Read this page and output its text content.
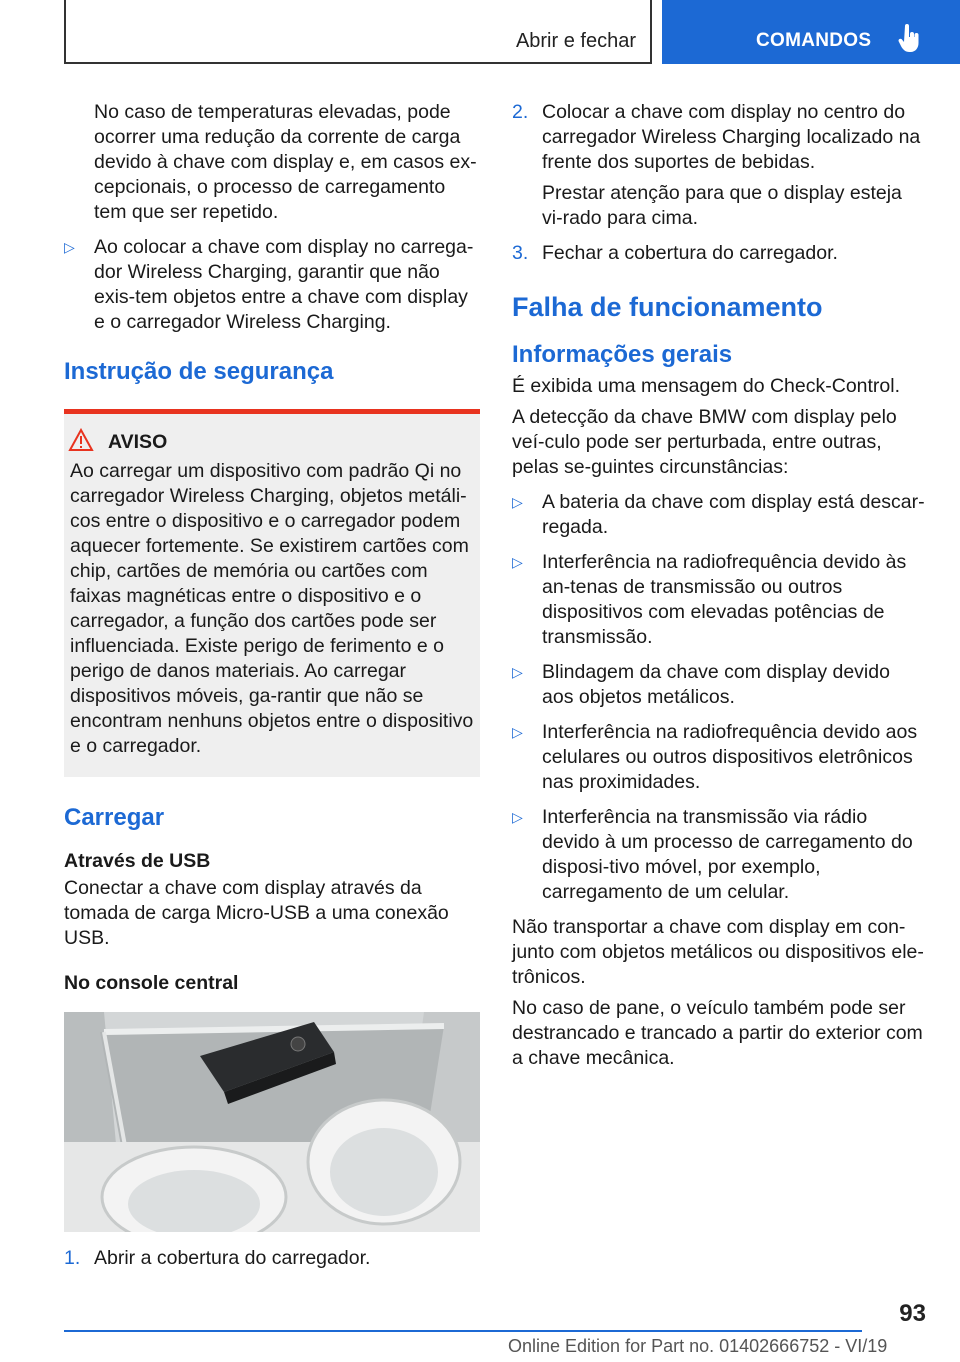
Abrir e fechar	COMANDOS

No caso de temperaturas elevadas, pode ocorrer uma redução da corrente de carga devido à chave com display e, em casos ex-cepcionais, o processo de carregamento tem que ser repetido.

▷ Ao colocar a chave com display no carrega-dor Wireless Charging, garantir que não exis-tem objetos entre a chave com display e o carregador Wireless Charging.
Instrução de segurança
AVISO

Ao carregar um dispositivo com padrão Qi no carregador Wireless Charging, objetos metáli-cos entre o dispositivo e o carregador podem aquecer fortemente. Se existirem cartões com chip, cartões de memória ou cartões com faixas magnéticas entre o dispositivo e o carregador, a função dos cartões pode ser influenciada. Existe perigo de ferimento e o perigo de danos materiais. Ao carregar dispositivos móveis, ga-rantir que não se encontram nenhuns objetos entre o dispositivo e o carregador.

Carregar
Através de USB

Conectar a chave com display através da tomada de carga Micro-USB a uma conexão USB.

No console central
1. Abrir a cobertura do carregador.
2. Colocar a chave com display no centro do carregador Wireless Charging localizado na frente dos suportes de bebidas.

Prestar atenção para que o display esteja vi-rado para cima.

3. Fechar a cobertura do carregador.
Falha de funcionamento
Informações gerais

É exibida uma mensagem do Check-Control.

A detecção da chave BMW com display pelo veí-culo pode ser perturbada, entre outras, pelas se-guintes circunstâncias:

▷ A bateria da chave com display está descar-regada.
▷ Interferência na radiofrequência devido às an-tenas de transmissão ou outros dispositivos com elevadas potências de transmissão.
▷ Blindagem da chave com display devido aos objetos metálicos.
▷ Interferência na radiofrequência devido aos celulares ou outros dispositivos eletrônicos nas proximidades.
▷ Interferência na transmissão via rádio devido à um processo de carregamento do disposi-tivo móvel, por exemplo, carregamento de um celular.

Não transportar a chave com display em con-junto com objetos metálicos ou dispositivos ele-trônicos.

No caso de pane, o veículo também pode ser destrancado e trancado a partir do exterior com a chave mecânica.

93
Online Edition for Part no. 01402666752 - VI/19
